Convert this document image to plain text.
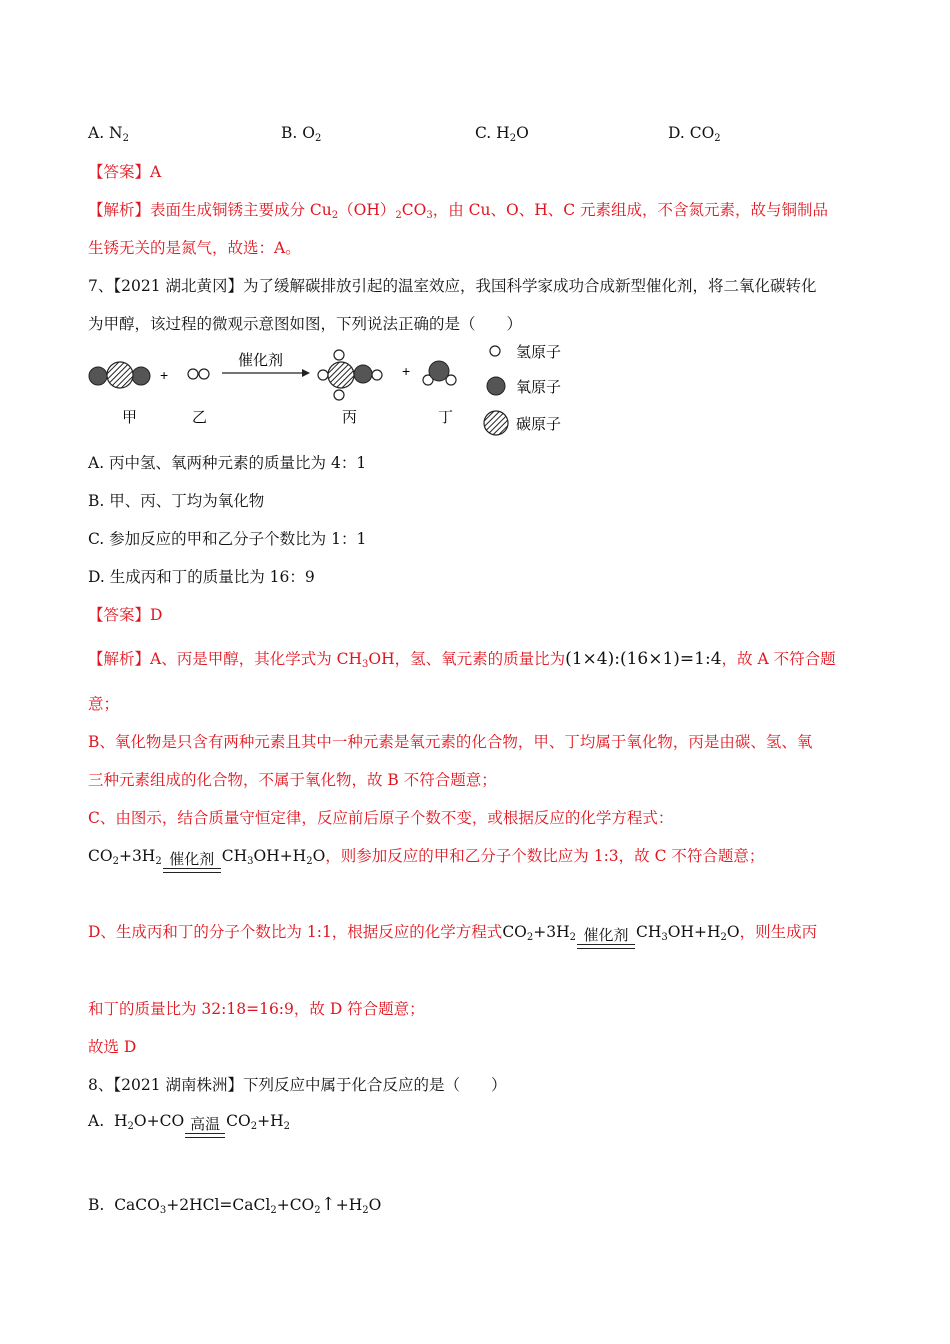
A. $N_2$	B. $O_2$	C. $H_2O$	D. $CO_2$
【答案】A
【解析】表面生成铜锈主要成分 $Cu_2(OH)_2CO_3$，由 Cu、O、H、C 元素组成，不含氮元素，故与铜制品
生锈无关的是氮气，故选：A。
7、【2021 湖北黄冈】为了缓解碳排放引起的温室效应，我国科学家成功合成新型催化剂，将二氧化碳转化
为甲醇，该过程的微观示意图如图，下列说法正确的是（　　）
+
催化剂
+
甲	乙	丙	丁
氢原子
氧原子
碳原子
A. 丙中氢、氧两种元素的质量比为 4：1
B. 甲、丙、丁均为氧化物
C. 参加反应的甲和乙分子个数比为 1：1
D. 生成丙和丁的质量比为 16：9
【答案】D
【解析】A、丙是甲醇，其化学式为 $CH_3OH$，氢、氧元素的质量比为(1×4):(16×1)=1:4，故 A 不符合题
意；
B、氧化物是只含有两种元素且其中一种元素是氧元素的化合物，甲、丁均属于氧化物，丙是由碳、氢、氧
三种元素组成的化合物，不属于氧化物，故 B 不符合题意；
C、由图示，结合质量守恒定律，反应前后原子个数不变，或根据反应的化学方程式：
$CO_2+3H_2$ 催化剂 $CH_3OH+H_2O$，则参加反应的甲和乙分子个数比应为 1:3，故 C 不符合题意；
D、生成丙和丁的分子个数比为 1:1，根据反应的化学方程式$CO_2+3H_2$ 催化剂 $CH_3OH+H_2O$，则生成丙
和丁的质量比为 32:18=16:9，故 D 符合题意；
故选 D
8、【2021 湖南株洲】下列反应中属于化合反应的是（　　）
A. $H_2O+CO$ 高温 $CO_2+H_2$
B. $CaCO_3+2HCl=CaCl_2+CO_2↑+H_2O$
